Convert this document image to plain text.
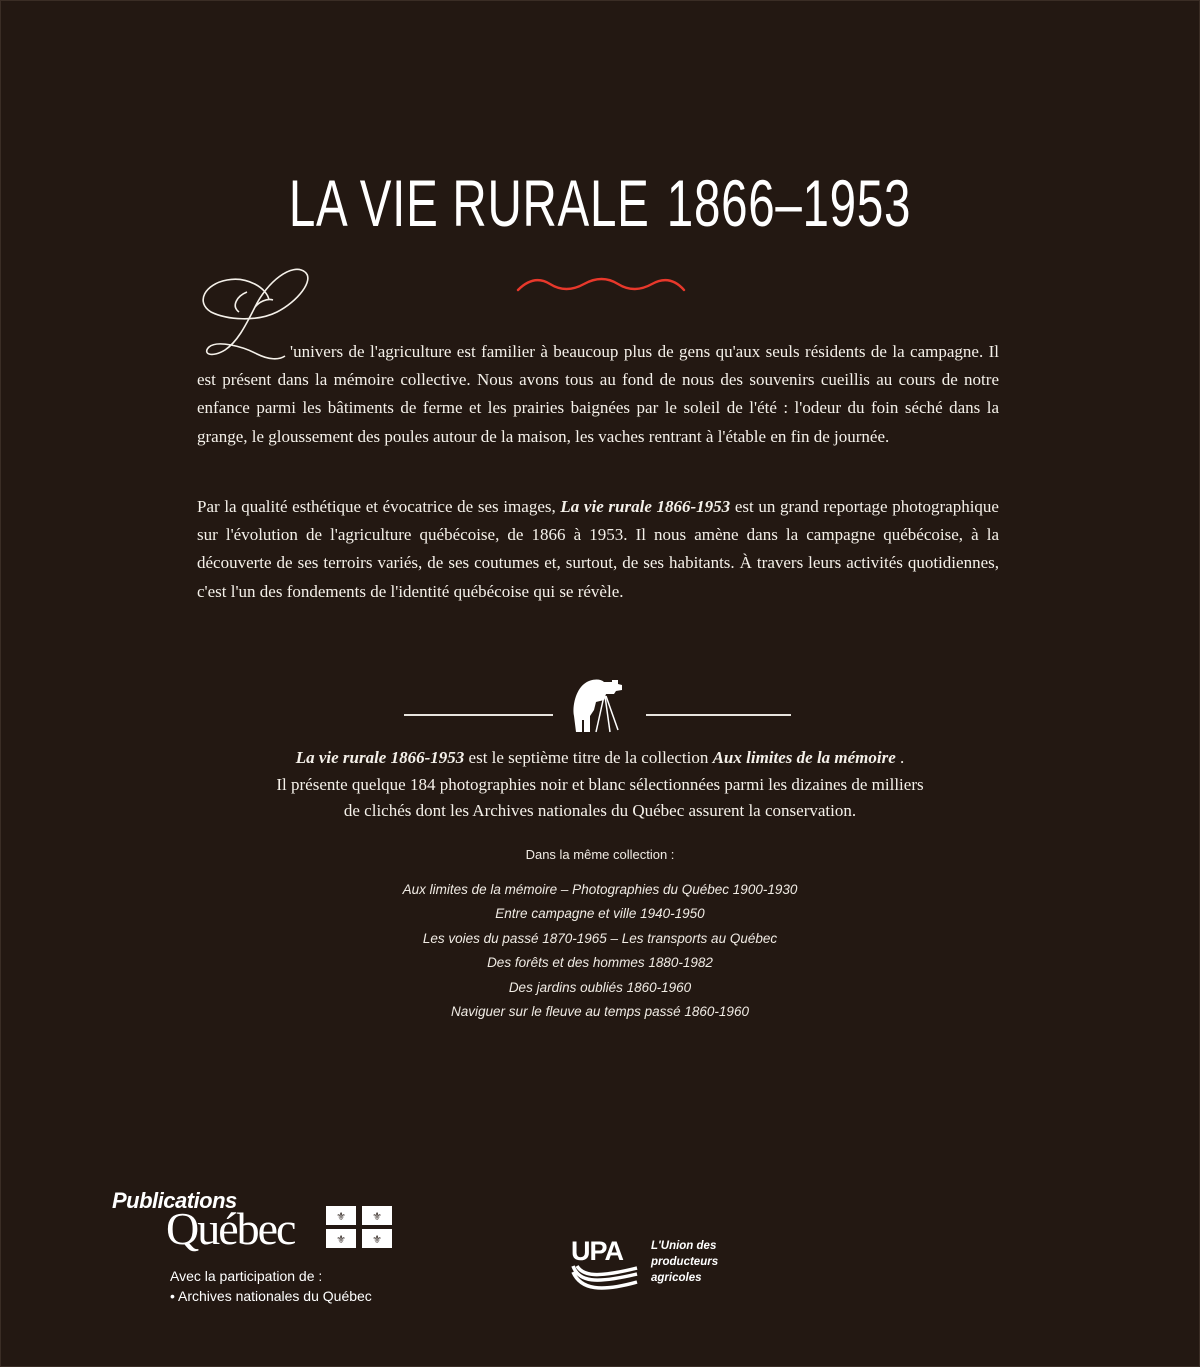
LA VIE RURALE 1866–1953

'univers de l'agriculture est familier à beaucoup plus de gens qu'aux seuls résidents de la campagne. Il est présent dans la mémoire collective. Nous avons tous au fond de nous des souvenirs cueillis au cours de notre enfance parmi les bâtiments de ferme et les prairies baignées par le soleil de l'été : l'odeur du foin séché dans la grange, le gloussement des poules autour de la maison, les vaches rentrant à l'étable en fin de journée.

Par la qualité esthétique et évocatrice de ses images, La vie rurale 1866-1953 est un grand reportage photographique sur l'évolution de l'agriculture québécoise, de 1866 à 1953. Il nous amène dans la campagne québécoise, à la découverte de ses terroirs variés, de ses coutumes et, surtout, de ses habitants. À travers leurs activités quotidiennes, c'est l'un des fondements de l'identité québécoise qui se révèle.

La vie rurale 1866-1953 est le septième titre de la collection Aux limites de la mémoire .
Il présente quelque 184 photographies noir et blanc sélectionnées parmi les dizaines de milliers
de clichés dont les Archives nationales du Québec assurent la conservation.
Dans la même collection :
Aux limites de la mémoire – Photographies du Québec 1900-1930
Entre campagne et ville 1940-1950
Les voies du passé 1870-1965 – Les transports au Québec
Des forêts et des hommes 1880-1982
Des jardins oubliés 1860-1960
Naviguer sur le fleuve au temps passé 1860-1960
Publications
Québec	⚜ ⚜
⚜ ⚜
Avec la participation de :
• Archives nationales du Québec
UPA L'Union des
producteurs
agricoles
